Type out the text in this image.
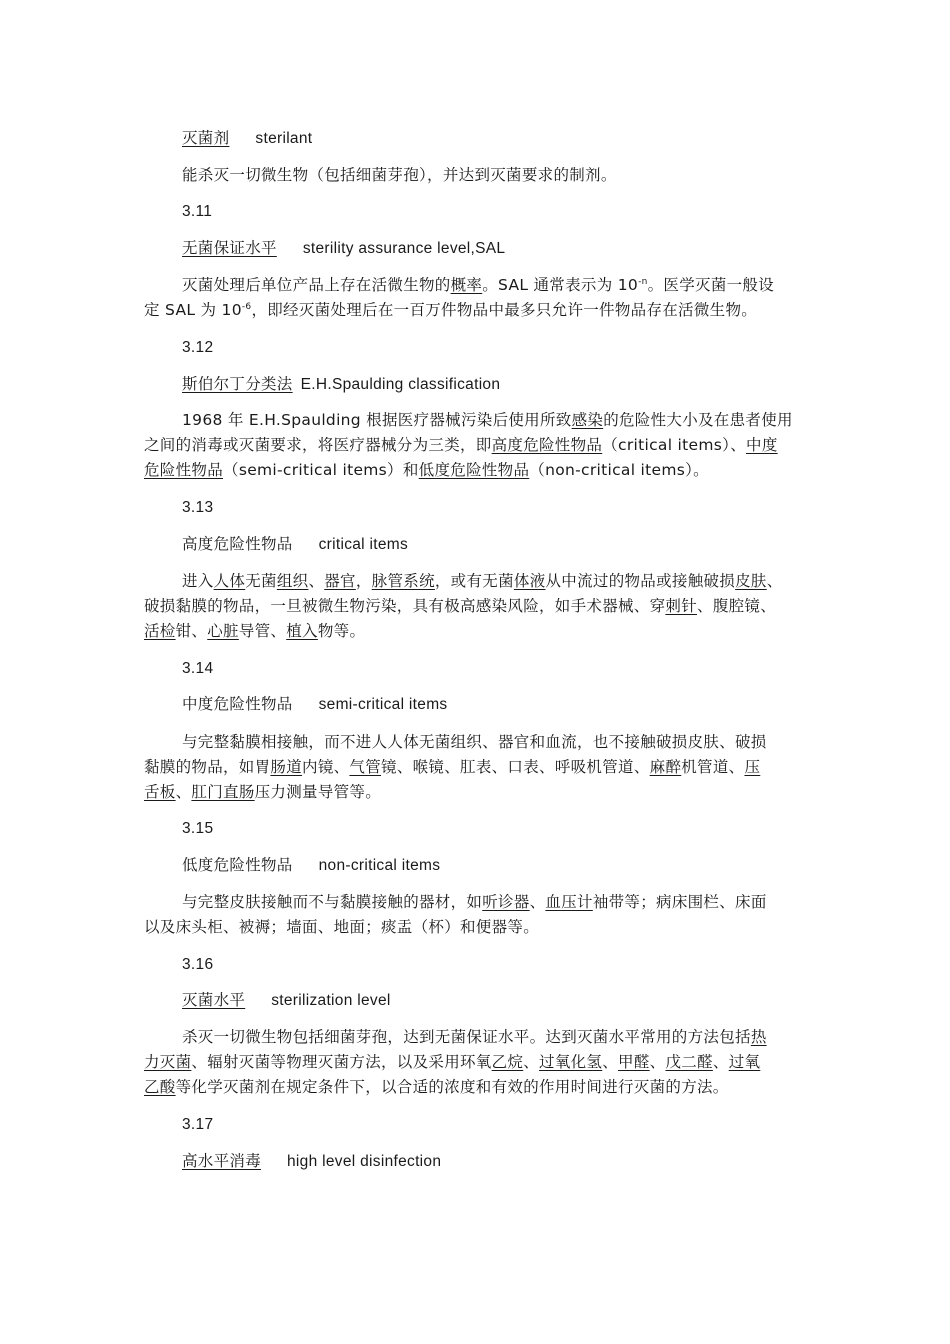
灭菌剂 sterilant
能杀灭一切微生物（包括细菌芽孢），并达到灭菌要求的制剂。
3.11
无菌保证水平 sterility assurance level,SAL
灭菌处理后单位产品上存在活微生物的概率。SAL 通常表示为 $10^{-n}$。医学灭菌一般设
定 SAL 为 $10^{-6}$，即经灭菌处理后在一百万件物品中最多只允许一件物品存在活微生物。
3.12
斯伯尔丁分类法 E.H.Spaulding classification
1968 年 E.H.Spaulding 根据医疗器械污染后使用所致感染的危险性大小及在患者使用
之间的消毒或灭菌要求，将医疗器械分为三类，即高度危险性物品（critical items）、中度
危险性物品（semi-critical items）和低度危险性物品（non-critical items）。
3.13
高度危险性物品 critical items
进入人体无菌组织、器官，脉管系统，或有无菌体液从中流过的物品或接触破损皮肤、
破损黏膜的物品，一旦被微生物污染，具有极高感染风险，如手术器械、穿刺针、腹腔镜、
活检钳、心脏导管、植入物等。
3.14
中度危险性物品 semi-critical items
与完整黏膜相接触，而不进人人体无菌组织、器官和血流，也不接触破损皮肤、破损
黏膜的物品，如胃肠道内镜、气管镜、喉镜、肛表、口表、呼吸机管道、麻醉机管道、压
舌板、肛门直肠压力测量导管等。
3.15
低度危险性物品 non-critical items
与完整皮肤接触而不与黏膜接触的器材，如听诊器、血压计袖带等；病床围栏、床面
以及床头柜、被褥；墙面、地面；痰盂（杯）和便器等。
3.16
灭菌水平 sterilization level
杀灭一切微生物包括细菌芽孢，达到无菌保证水平。达到灭菌水平常用的方法包括热
力灭菌、辐射灭菌等物理灭菌方法，以及采用环氧乙烷、过氧化氢、甲醛、戊二醛、过氧
乙酸等化学灭菌剂在规定条件下，以合适的浓度和有效的作用时间进行灭菌的方法。
3.17
高水平消毒 high level disinfection
